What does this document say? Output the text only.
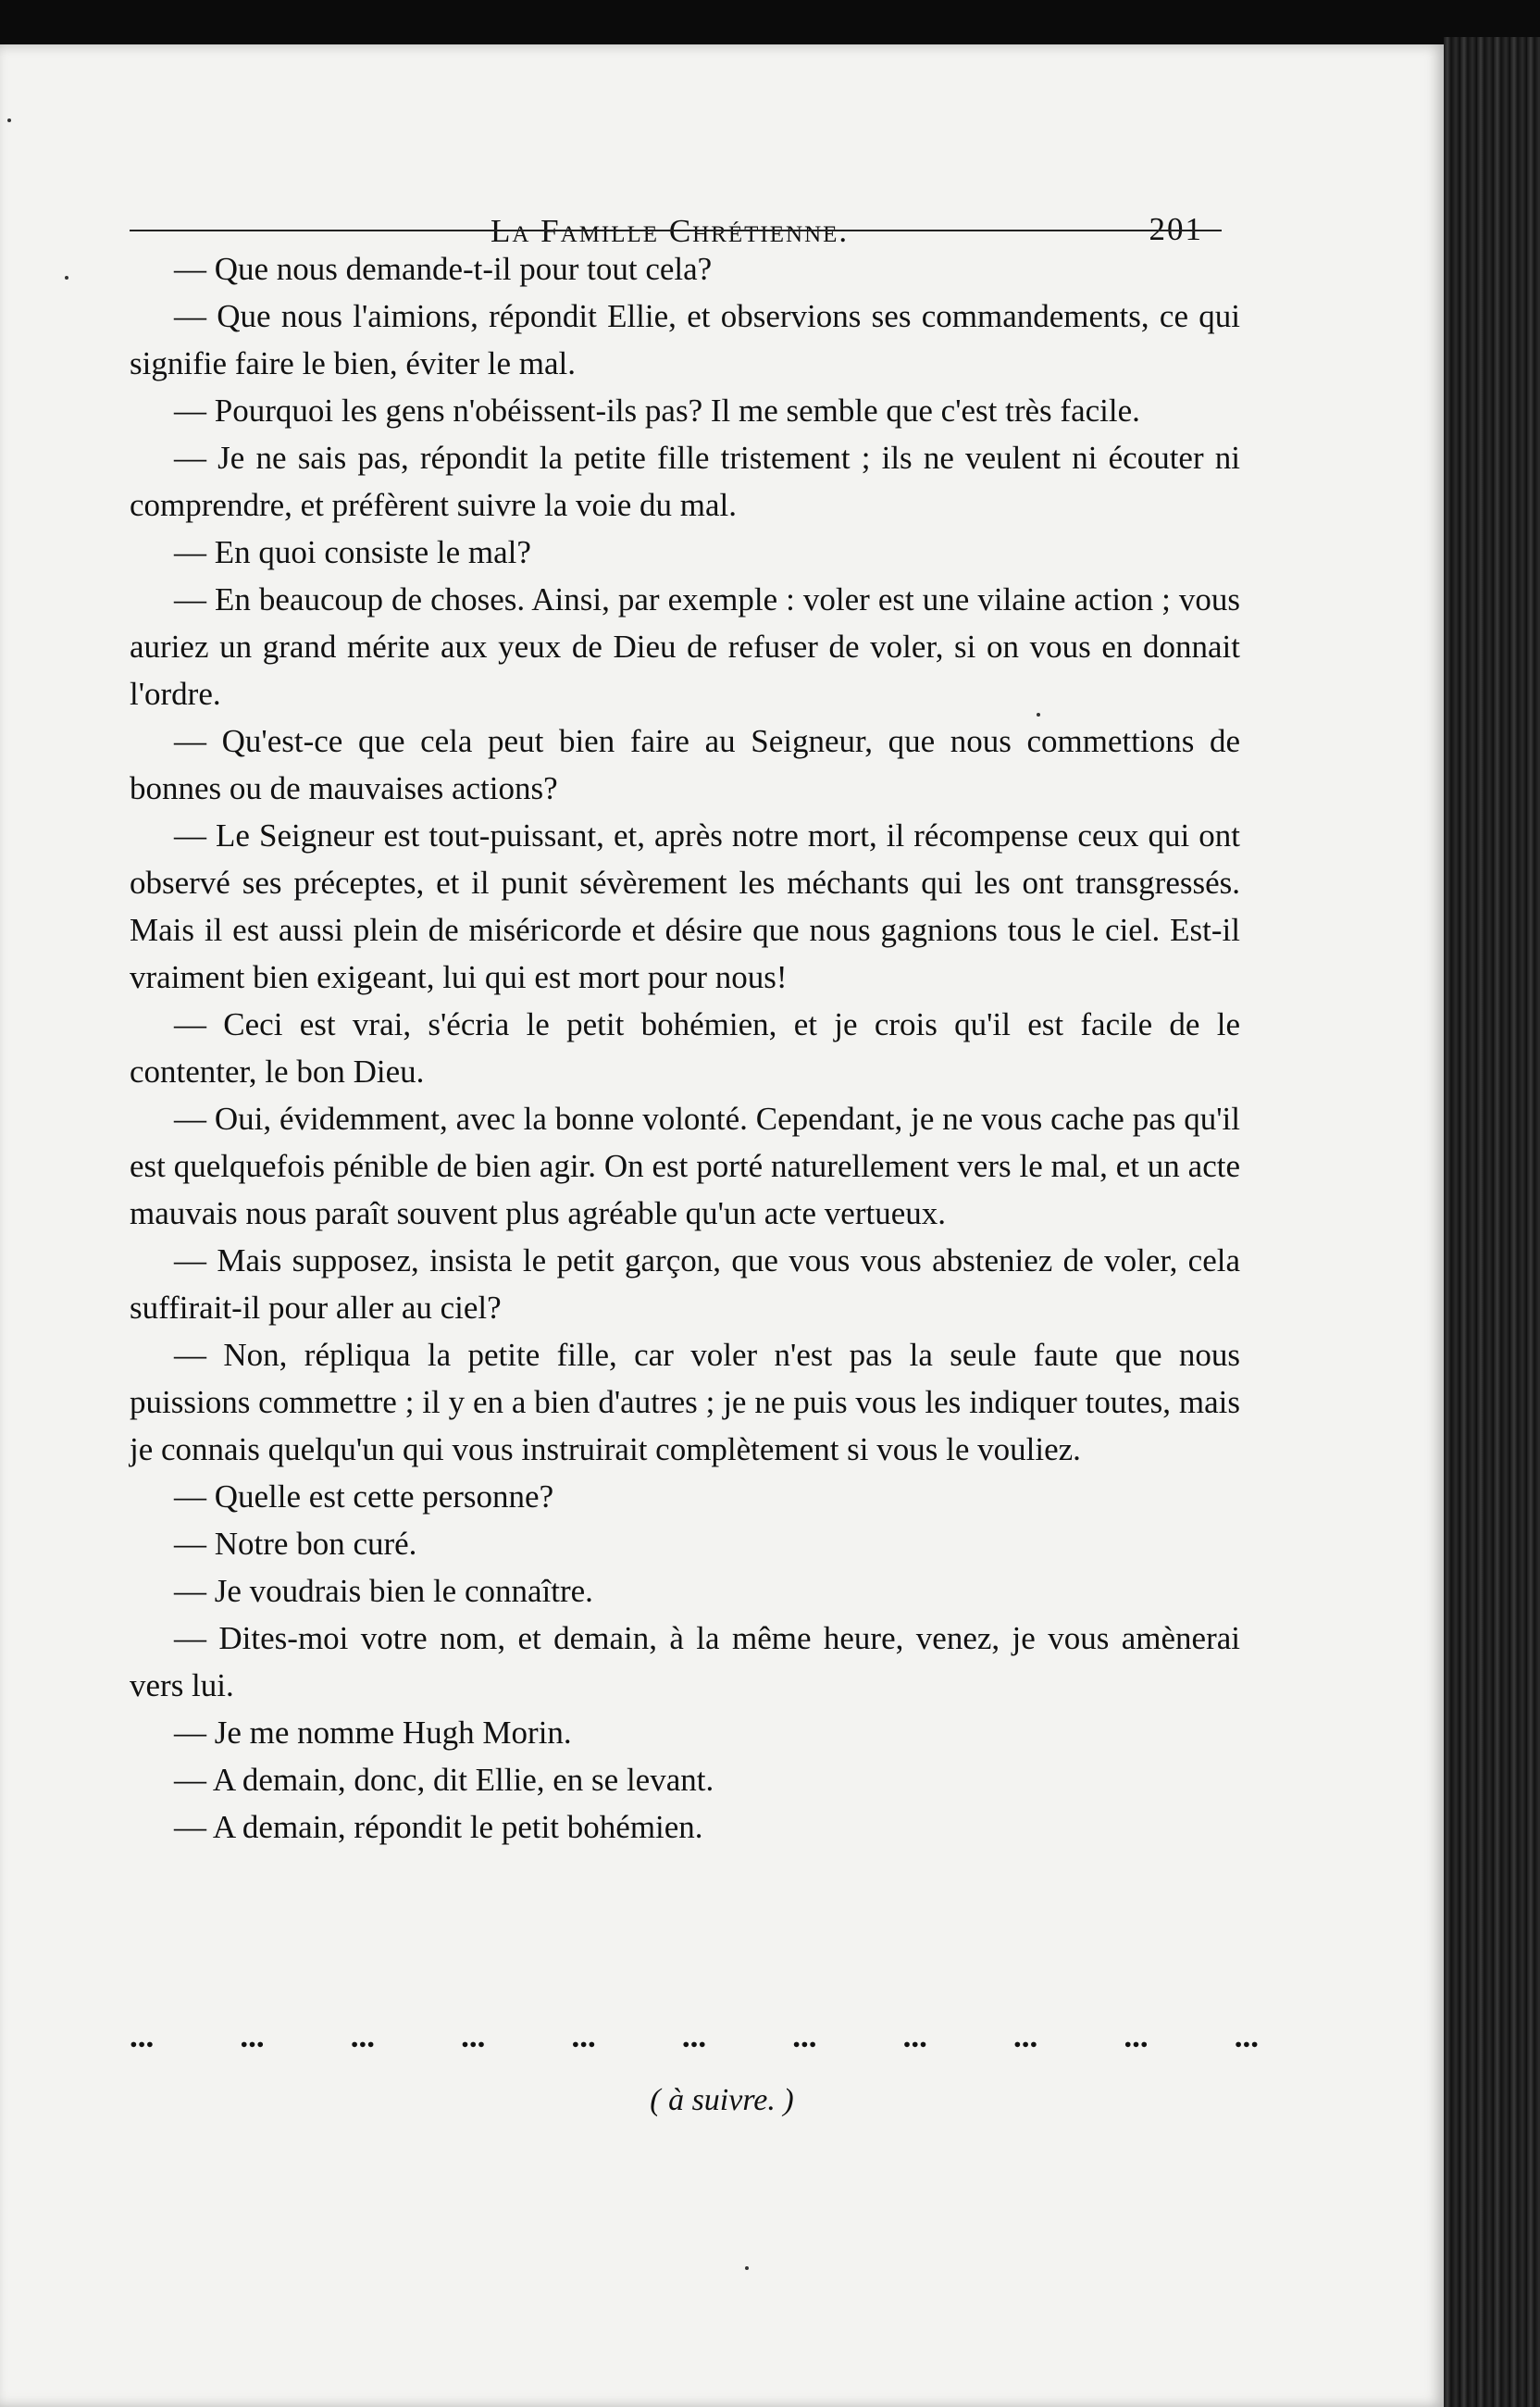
La Famille Chrétienne.	201

— Que nous demande-t-il pour tout cela?

— Que nous l'aimions, répondit Ellie, et observions ses commandements, ce qui signifie faire le bien, éviter le mal.

— Pourquoi les gens n'obéissent-ils pas? Il me semble que c'est très facile.

— Je ne sais pas, répondit la petite fille tristement ; ils ne veulent ni écouter ni comprendre, et préfèrent suivre la voie du mal.

— En quoi consiste le mal?

— En beaucoup de choses. Ainsi, par exemple : voler est une vilaine action ; vous auriez un grand mérite aux yeux de Dieu de refuser de voler, si on vous en donnait l'ordre.

— Qu'est-ce que cela peut bien faire au Seigneur, que nous commettions de bonnes ou de mauvaises actions?

— Le Seigneur est tout-puissant, et, après notre mort, il récompense ceux qui ont observé ses préceptes, et il punit sévèrement les méchants qui les ont transgressés. Mais il est aussi plein de miséricorde et désire que nous gagnions tous le ciel. Est-il vraiment bien exigeant, lui qui est mort pour nous!

— Ceci est vrai, s'écria le petit bohémien, et je crois qu'il est facile de le contenter, le bon Dieu.

— Oui, évidemment, avec la bonne volonté. Cependant, je ne vous cache pas qu'il est quelquefois pénible de bien agir. On est porté naturellement vers le mal, et un acte mauvais nous paraît souvent plus agréable qu'un acte vertueux.

— Mais supposez, insista le petit garçon, que vous vous absteniez de voler, cela suffirait-il pour aller au ciel?

— Non, répliqua la petite fille, car voler n'est pas la seule faute que nous puissions commettre ; il y en a bien d'autres ; je ne puis vous les indiquer toutes, mais je connais quelqu'un qui vous instruirait complètement si vous le vouliez.

— Quelle est cette personne?

— Notre bon curé.

— Je voudrais bien le connaître.

— Dites-moi votre nom, et demain, à la même heure, venez, je vous amènerai vers lui.

— Je me nomme Hugh Morin.

— A demain, donc, dit Ellie, en se levant.

— A demain, répondit le petit bohémien.

...	...	...	...	...	...	...	...	...	...	...
( à suivre. )
